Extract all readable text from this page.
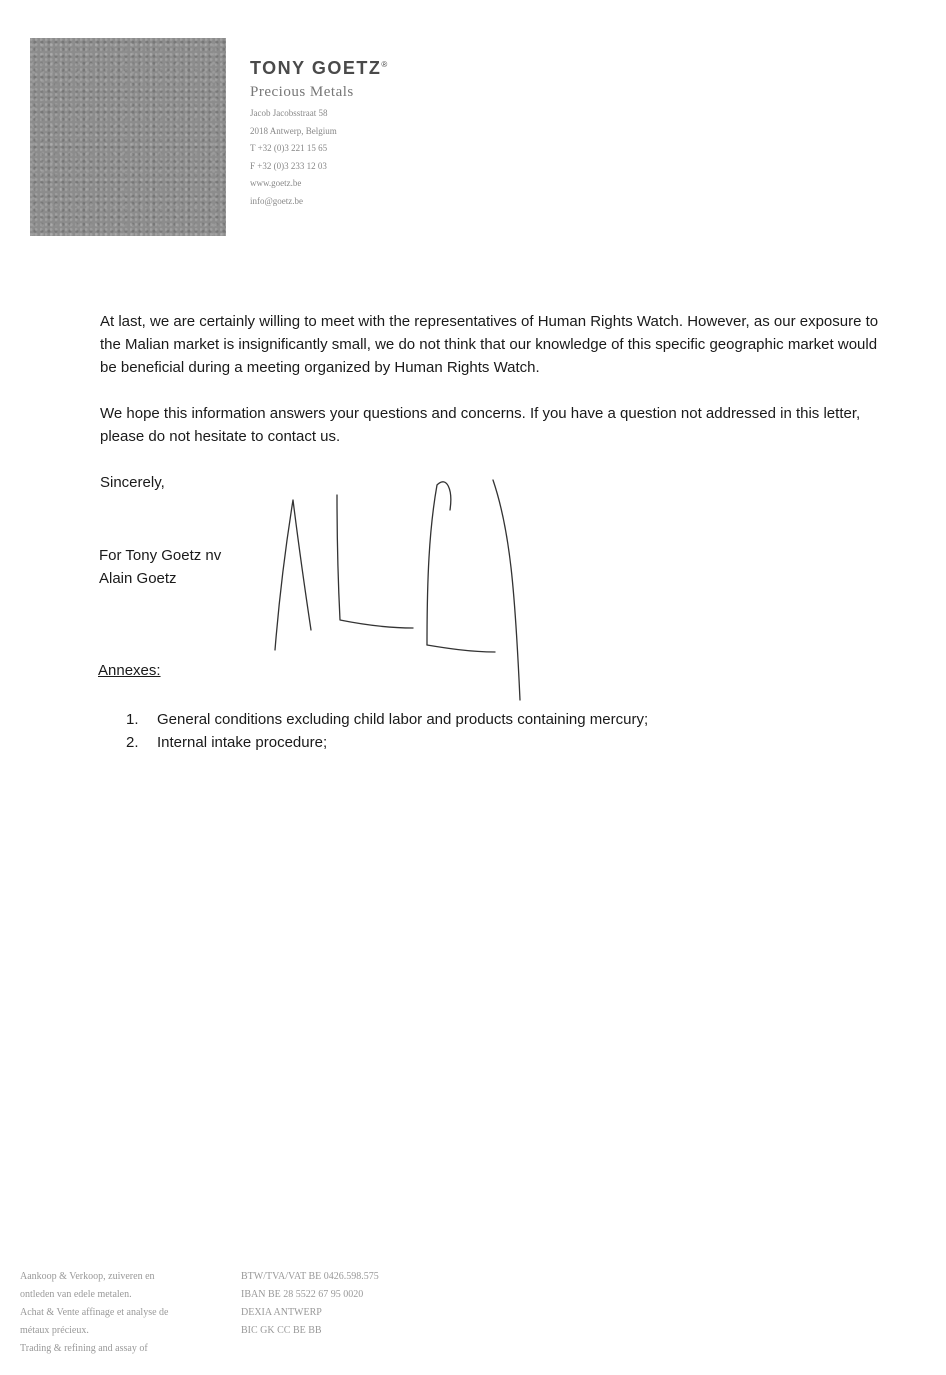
TONY GOETZ®
Precious Metals
Jacob Jacobsstraat 58
2018 Antwerp, Belgium
T +32 (0)3 221 15 65
F +32 (0)3 233 12 03
www.goetz.be
info@goetz.be
At last, we are certainly willing to meet with the representatives of Human Rights Watch. However, as our exposure to the Malian market is insignificantly small, we do not think that our knowledge of this specific geographic market would be beneficial during a meeting organized by Human Rights Watch.
We hope this information answers your questions and concerns. If you have a question not addressed in this letter, please do not hesitate to contact us.
Sincerely,
For Tony Goetz nv
Alain Goetz
Annexes:
1. General conditions excluding child labor and products containing mercury;
2. Internal intake procedure;
Aankoop & Verkoop, zuiveren en
ontleden van edele metalen.
Achat & Vente affinage et analyse de
métaux précieux.
Trading & refining and assay of
BTW/TVA/VAT BE 0426.598.575
IBAN BE 28 5522 67 95 0020
DEXIA ANTWERP
BIC GK CC BE BB
